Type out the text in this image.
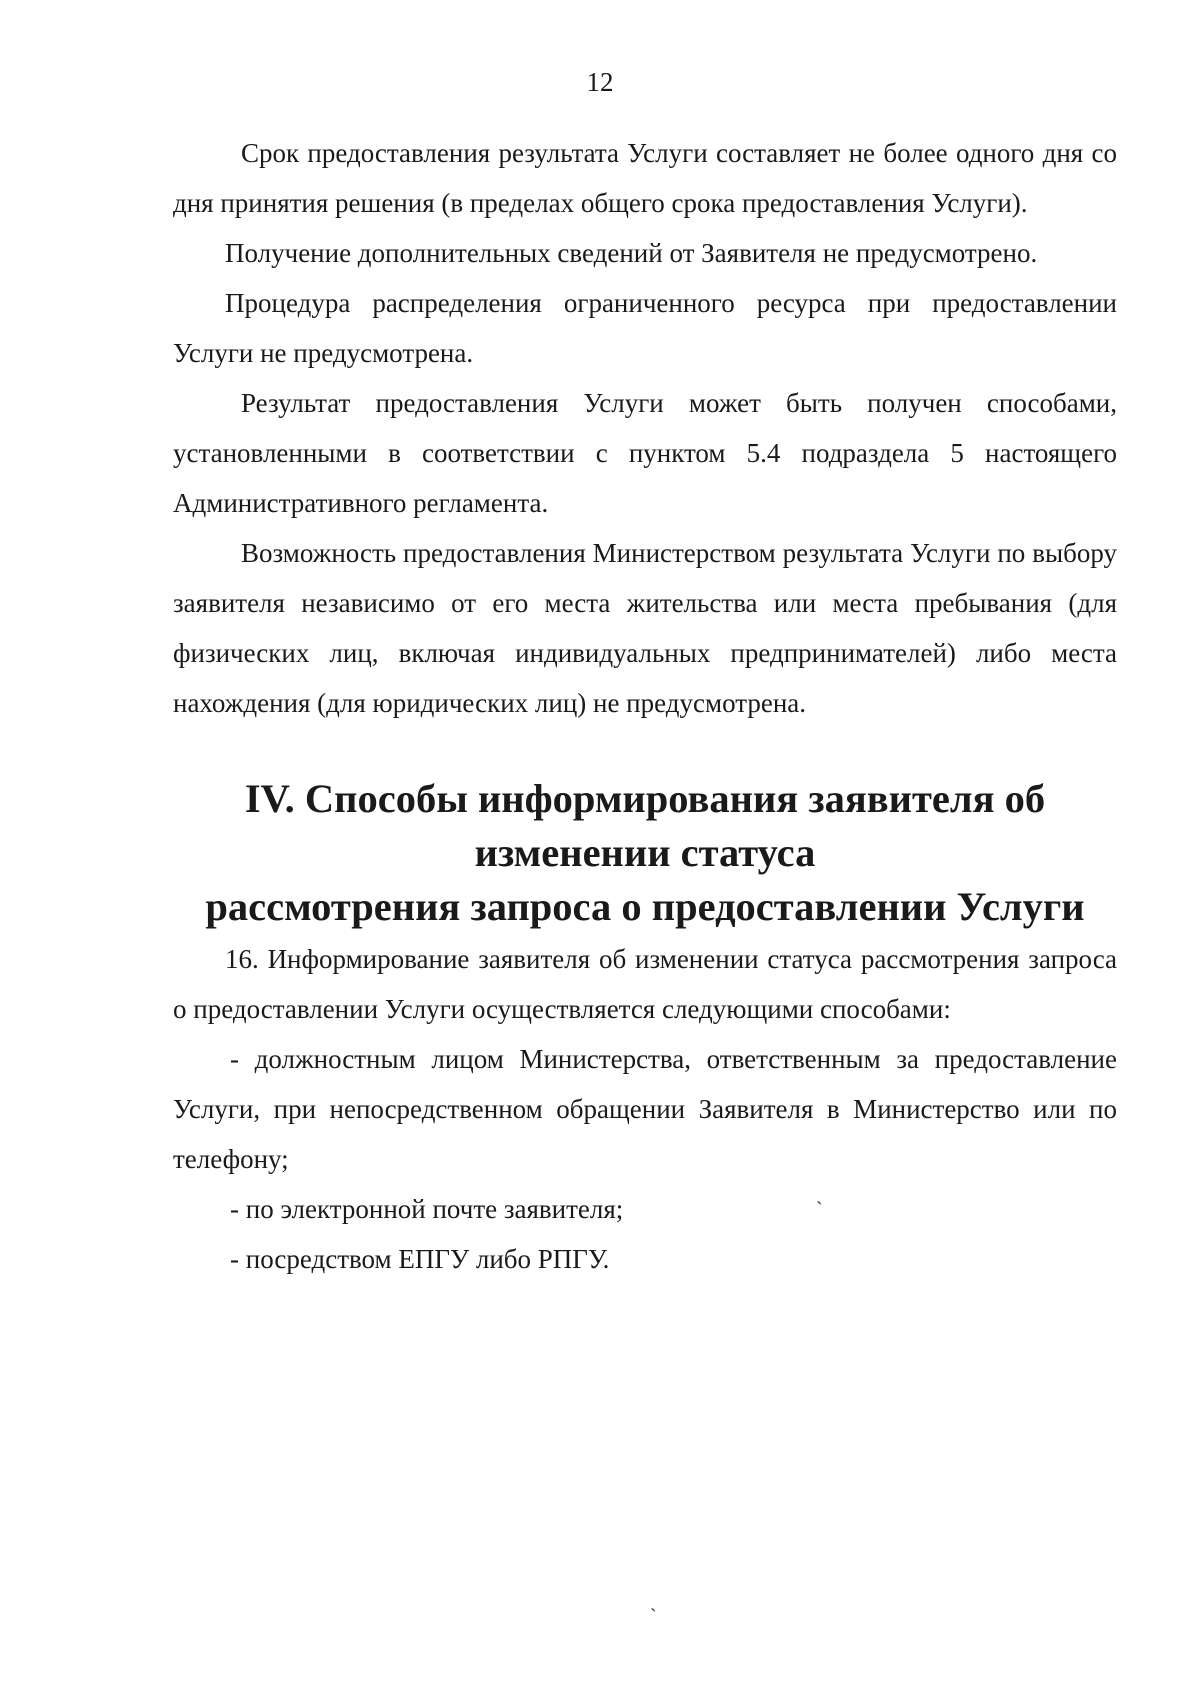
12

Срок предоставления результата Услуги составляет не более одного дня со дня принятия решения (в пределах общего срока предоставления Услуги).

Получение дополнительных сведений от Заявителя не предусмотрено.

Процедура распределения ограниченного ресурса при предоставлении Услуги не предусмотрена.

Результат предоставления Услуги может быть получен способами, установленными в соответствии с пунктом 5.4 подраздела 5 настоящего Административного регламента.

Возможность предоставления Министерством результата Услуги по выбору заявителя независимо от его места жительства или места пребывания (для физических лиц, включая индивидуальных предпринимателей) либо места нахождения (для юридических лиц) не предусмотрена.

IV. Способы информирования заявителя об изменении статуса
рассмотрения запроса о предоставлении Услуги

16. Информирование заявителя об изменении статуса рассмотрения запроса о предоставлении Услуги осуществляется следующими способами:

- должностным лицом Министерства, ответственным за предоставление Услуги, при непосредственном обращении Заявителя в Министерство или по телефону;

- по электронной почте заявителя;

- посредством ЕПГУ либо РПГУ.

ˏ
ˏ
